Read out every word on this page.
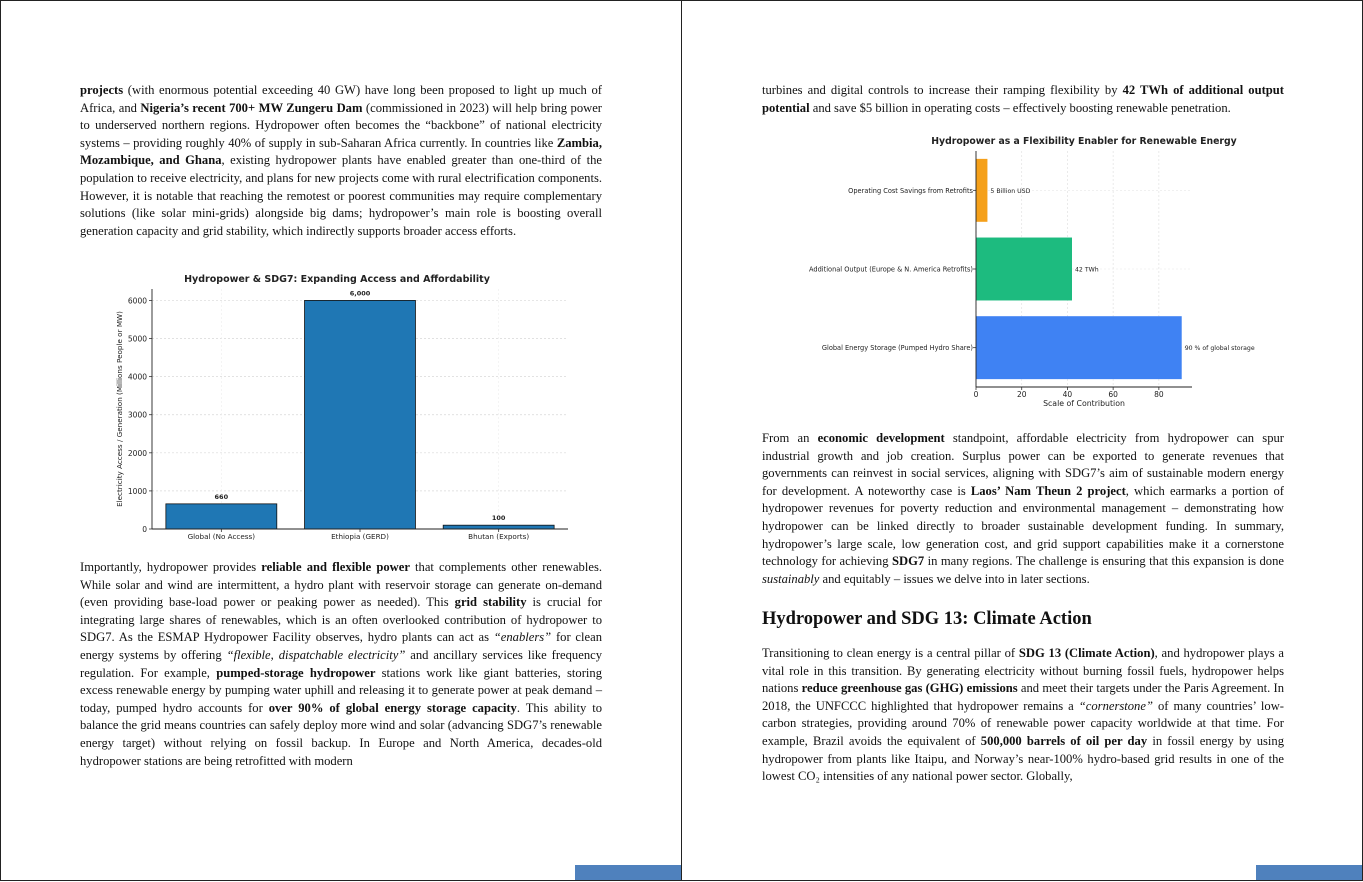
projects (with enormous potential exceeding 40 GW) have long been proposed to light up much of Africa, and Nigeria’s recent 700+ MW Zungeru Dam (commissioned in 2023) will help bring power to underserved northern regions. Hydropower often becomes the “backbone” of national electricity systems – providing roughly 40% of supply in sub-Saharan Africa currently. In countries like Zambia, Mozambique, and Ghana, existing hydropower plants have enabled greater than one-third of the population to receive electricity, and plans for new projects come with rural electrification components. However, it is notable that reaching the remotest or poorest communities may require complementary solutions (like solar mini-grids) alongside big dams; hydropower’s main role is boosting overall generation capacity and grid stability, which indirectly supports broader access efforts.

Hydropower & SDG7: Expanding Access and Affordability
0
1000
2000
3000
4000
5000
6000
660
Global (No Access)
6,000
Ethiopia (GERD)
100
Bhutan (Exports)
Electricity Access / Generation (Millions People or MW)

Importantly, hydropower provides reliable and flexible power that complements other renewables. While solar and wind are intermittent, a hydro plant with reservoir storage can generate on-demand (even providing base-load power or peaking power as needed). This grid stability is crucial for integrating large shares of renewables, which is an often overlooked contribution of hydropower to SDG7. As the ESMAP Hydropower Facility observes, hydro plants can act as “enablers” for clean energy systems by offering “flexible, dispatchable electricity” and ancillary services like frequency regulation. For example, pumped-storage hydropower stations work like giant batteries, storing excess renewable energy by pumping water uphill and releasing it to generate power at peak demand – today, pumped hydro accounts for over 90% of global energy storage capacity. This ability to balance the grid means countries can safely deploy more wind and solar (advancing SDG7’s renewable energy target) without relying on fossil backup. In Europe and North America, decades-old hydropower stations are being retrofitted with modern

turbines and digital controls to increase their ramping flexibility by 42 TWh of additional output potential and save $5 billion in operating costs – effectively boosting renewable penetration.

Hydropower as a Flexibility Enabler for Renewable Energy
0	20	40	60	80
90 % of global storage
Global Energy Storage (Pumped Hydro Share)
42 TWh
Additional Output (Europe & N. America Retrofits)
5 Billion USD
Operating Cost Savings from Retrofits
Scale of Contribution

From an economic development standpoint, affordable electricity from hydropower can spur industrial growth and job creation. Surplus power can be exported to generate revenues that governments can reinvest in social services, aligning with SDG7’s aim of sustainable modern energy for development. A noteworthy case is Laos’ Nam Theun 2 project, which earmarks a portion of hydropower revenues for poverty reduction and environmental management – demonstrating how hydropower can be linked directly to broader sustainable development funding. In summary, hydropower’s large scale, low generation cost, and grid support capabilities make it a cornerstone technology for achieving SDG7 in many regions. The challenge is ensuring that this expansion is done sustainably and equitably – issues we delve into in later sections.

Hydropower and SDG 13: Climate Action

Transitioning to clean energy is a central pillar of SDG 13 (Climate Action), and hydropower plays a vital role in this transition. By generating electricity without burning fossil fuels, hydropower helps nations reduce greenhouse gas (GHG) emissions and meet their targets under the Paris Agreement. In 2018, the UNFCCC highlighted that hydropower remains a “cornerstone” of many countries’ low-carbon strategies, providing around 70% of renewable power capacity worldwide at that time. For example, Brazil avoids the equivalent of 500,000 barrels of oil per day in fossil energy by using hydropower from plants like Itaipu, and Norway’s near-100% hydro-based grid results in one of the lowest CO₂ intensities of any national power sector. Globally,
